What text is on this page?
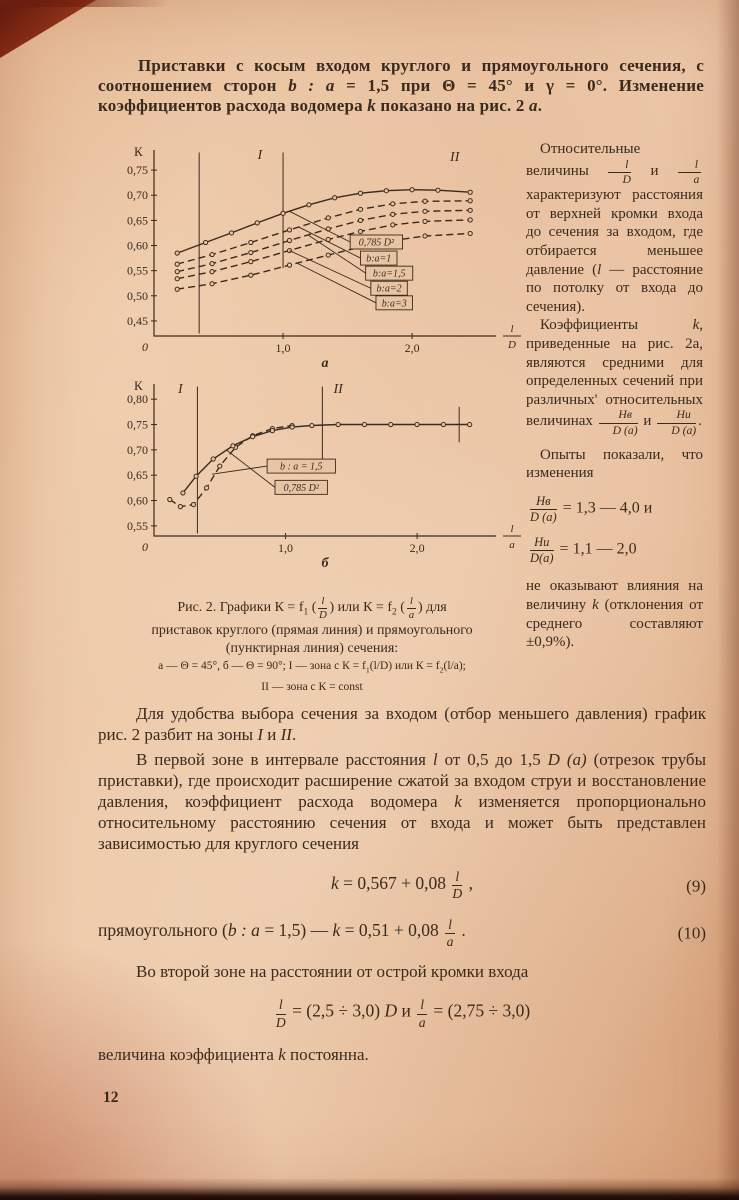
Приставки с косым входом круглого и прямоугольного сечения, с соотношением сторон b : a = 1,5 при Θ = 45° и γ = 0°. Изменение коэффициентов расхода водомера k показано на рис. 2 а.

К
0
0,45
0,50
0,55
0,60
0,65
0,70
0,75
1,0	2,0
l
D
I	II
0,785 D²
b:a=1
b:a=1,5
b:a=2
b:a=3
а
К
0
0,55
0,60
0,65
0,70
0,75
0,80
1,0	2,0
l
a
I	II
b : a = 1,5
0,785 D²
б

Относительные величины $\frac{l}{D}$ и $\frac{l}{a}$
характеризуют расстояния от верхней кромки входа до сечения за входом, где отбирается меньшее давление (l — расстояние по потолку от входа до сечения).

Коэффициенты k, приведенные на рис. 2а, являются средними для определенных сечений при различных' относительных величинах $\frac{Hв}{D (a)}$ и $\frac{Hи}{D (a)}$ .

Опыты показали, что изменения

$\frac{Hв}{D (a)} = 1,3$ — 4,0 и
$\frac{Hи}{D(a)} = 1,1$ — 2,0

не оказывают влияния на величину k (отклонения от среднего составляют ±0,9%).

Рис. 2. Графики $К = f_1$ ( $\frac{l}{D}$ ) или $К = f_2$ ( $\frac{l}{a}$ ) для
приставок круглого (прямая линия) и прямоугольного
(пунктирная линия) сечения:
а — Θ = 45°, б — Θ = 90°; I — зона с $К = f_1(l/D)$ или $К = f_2(l/a)$;
II — зона с К = const

Для удобства выбора сечения за входом (отбор меньшего давления) график рис. 2 разбит на зоны I и II.

В первой зоне в интервале расстояния l от 0,5 до 1,5 D (a) (отрезок трубы приставки), где происходит расширение сжатой за входом струи и восстановление давления, коэффициент расхода водомера k изменяется пропорционально относительному расстоянию сечения от входа и может быть представлен зависимостью для круглого сечения

$k = 0,567 + 0,08 \frac{l}{D}$ ,	(9)
прямоугольного (b : a = 1,5) — $k = 0,51 + 0,08 \frac{l}{a}$ .	(10)

Во второй зоне на расстоянии от острой кромки входа

$\frac{l}{D} = (2,5 \div 3,0)$ D и $\frac{l}{a} = (2,75 \div 3,0)$

величина коэффициента k постоянна.

12
